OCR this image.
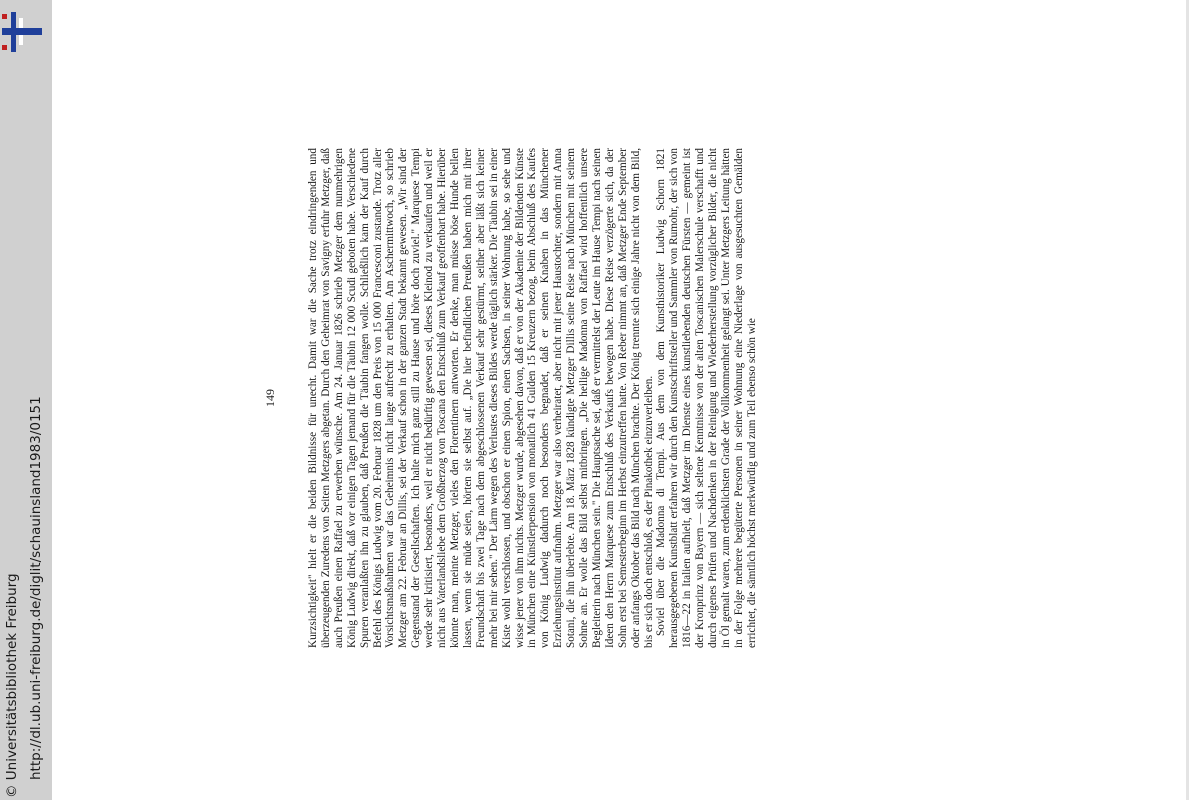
http://dl.ub.uni-freiburg.de/diglit/schauinsland1983/0151
© Universitätsbibliothek Freiburg
149	Kurzsichtigkeit" hielt er die beiden Bildnisse für unecht. Damit war die Sache trotz eindringenden und überzeugenden Zuredens von Seiten Metzgers abgetan. Durch den Geheimrat von Savigny erfuhr Metzger, daß auch Preußen einen Raffael zu erwerben wünsche. Am 24. Januar 1826 schrieb Metzger dem nunmehrigen König Ludwig direkt, daß vor einigen Tagen jemand für die Täubin 12 000 Scudi geboten habe. Verschiedene Spuren veranlaßten ihn zu glauben, daß Preußen die Täubin fangen wolle. Schließlich kam der Kauf durch Befehl des Königs Ludwig vom 20. Februar 1828 um den Preis von 15 000 Francesconi zustande. Trotz aller Vorsichtsmaßnahmen war das Geheimnis nicht lange aufrecht zu erhalten. Am Aschermittwoch, so schrieb Metzger am 22. Februar an Dillis, sei der Verkauf schon in der ganzen Stadt bekannt gewesen. „Wir sind der Gegenstand der Gesellschaften. Ich halte mich ganz still zu Hause und höre doch zuviel." Marquese Tempi werde sehr kritisiert, besonders, weil er nicht bedürftig gewesen sei, dieses Kleinod zu verkaufen und weil er nicht aus Vaterlandsliebe dem Großherzog von Toscana den Entschluß zum Verkauf geoffenbart habe. Hierüber könnte man, meinte Metzger, vieles den Florentinern antworten. Er denke, man müsse böse Hunde bellen lassen, wenn sie müde seien, hörten sie selbst auf. „Die hier befindlichen Preußen haben mich mit ihrer Freundschaft bis zwei Tage nach dem abgeschlossenen Verkauf sehr gestürmt, seither aber läßt sich keiner mehr bei mir sehen." Der Lärm wegen des Verlustes dieses Bildes werde täglich stärker. Die Täubin sei in einer Kiste wohl verschlossen, und obschon er einen Spion, einen Sachsen, in seiner Wohnung habe, so sehe und wisse jener von ihm nichts. Metzger wurde, abgesehen davon, daß er von der Akademie der Bildenden Künste in München eine Künstlerpension von monatlich 41 Gulden 15 Kreuzern bezog, beim Abschluß des Kaufes von König Ludwig dadurch noch besonders begnadet, daß er seinen Knaben in das Münchener Erziehungsinstitut aufnahm. Metzger war also verheiratet, aber nicht mit jener Haustochter, sondern mit Anna Sotani, die ihn überlebte. Am 18. März 1828 kündigte Metzger Dillis seine Reise nach München mit seinem Sohne an. Er wolle das Bild selbst mitbringen. „Die heilige Madonna von Raffael wird hoffentlich unsere Begleiterin nach München sein." Die Hauptsache sei, daß er vermittelst der Leute im Hause Tempi nach seinen Ideen den Herrn Marquese zum Entschluß des Verkaufs bewogen habe. Diese Reise verzögerte sich, da der Sohn erst bei Semesterbeginn im Herbst einzutreffen hatte. Von Reber nimmt an, daß Metzger Ende September oder anfangs Oktober das Bild nach München brachte. Der König trennte sich einige Jahre nicht von dem Bild, bis er sich doch entschloß, es der Pinakothek einzuverleiben. Soviel über die Madonna di Tempi. Aus dem von dem Kunsthistoriker Ludwig Schorn 1821 herausgegebenen Kunstblatt erfahren wir durch den Kunstschriftsteller und Sammler von Rumohr, der sich von 1816—22 in Italien aufhielt, daß Metzger im Dienste eines kunstliebenden deutschen Fürsten — gemeint ist der Kronprinz von Bayern — sich seltene Kenntnisse von der alten Toscanischen Malerschule verschafft und durch eigenes Prüfen und Nachdenken in der Reinigung und Wiederherstellung vorzüglicher Bilder, die nicht in Öl gemalt waren, zum erdenklichsten Grade der Vollkommenheit gelangt sei. Unter Metzgers Leitung hätten in der Folge mehrere begüterte Personen in seiner Wohnung eine Niederlage von ausgesuchten Gemälden errichtet, die sämtlich höchst merkwürdig und zum Teil ebenso schön wie
